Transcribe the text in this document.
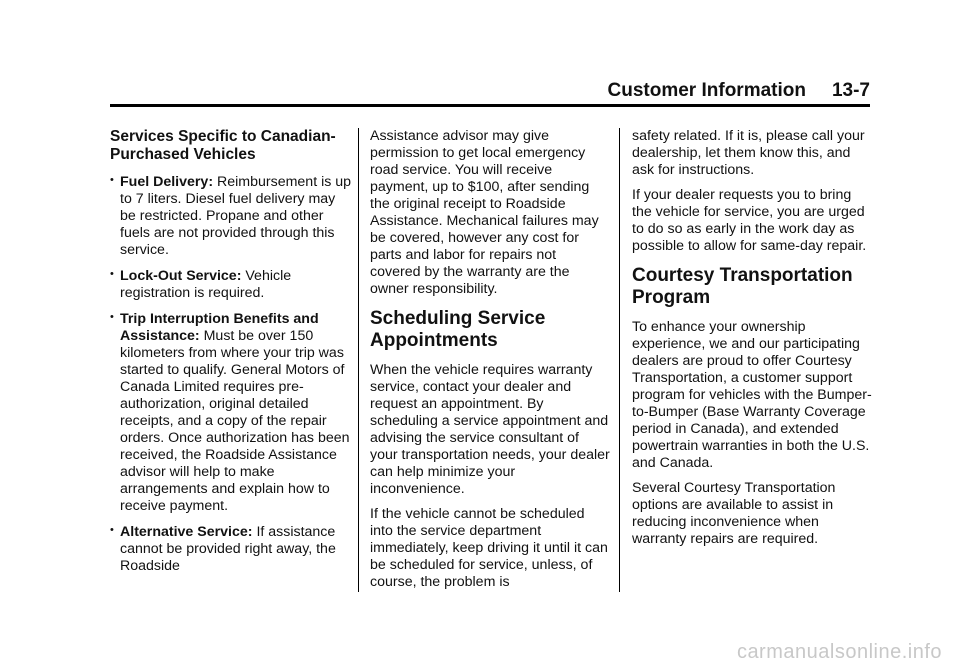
Customer Information 13-7
Services Specific to Canadian-Purchased Vehicles
• Fuel Delivery: Reimbursement is up to 7 liters. Diesel fuel delivery may be restricted. Propane and other fuels are not provided through this service.
• Lock-Out Service: Vehicle registration is required.
• Trip Interruption Benefits and Assistance: Must be over 150 kilometers from where your trip was started to qualify. General Motors of Canada Limited requires pre-authorization, original detailed receipts, and a copy of the repair orders. Once authorization has been received, the Roadside Assistance advisor will help to make arrangements and explain how to receive payment.
• Alternative Service: If assistance cannot be provided right away, the Roadside

Assistance advisor may give permission to get local emergency road service. You will receive payment, up to $100, after sending the original receipt to Roadside Assistance. Mechanical failures may be covered, however any cost for parts and labor for repairs not covered by the warranty are the owner responsibility.

Scheduling Service Appointments

When the vehicle requires warranty service, contact your dealer and request an appointment. By scheduling a service appointment and advising the service consultant of your transportation needs, your dealer can help minimize your inconvenience.

If the vehicle cannot be scheduled into the service department immediately, keep driving it until it can be scheduled for service, unless, of course, the problem is

safety related. If it is, please call your dealership, let them know this, and ask for instructions.

If your dealer requests you to bring the vehicle for service, you are urged to do so as early in the work day as possible to allow for same-day repair.

Courtesy Transportation Program

To enhance your ownership experience, we and our participating dealers are proud to offer Courtesy Transportation, a customer support program for vehicles with the Bumper-to-Bumper (Base Warranty Coverage period in Canada), and extended powertrain warranties in both the U.S. and Canada.

Several Courtesy Transportation options are available to assist in reducing inconvenience when warranty repairs are required.

carmanualsonline.info
